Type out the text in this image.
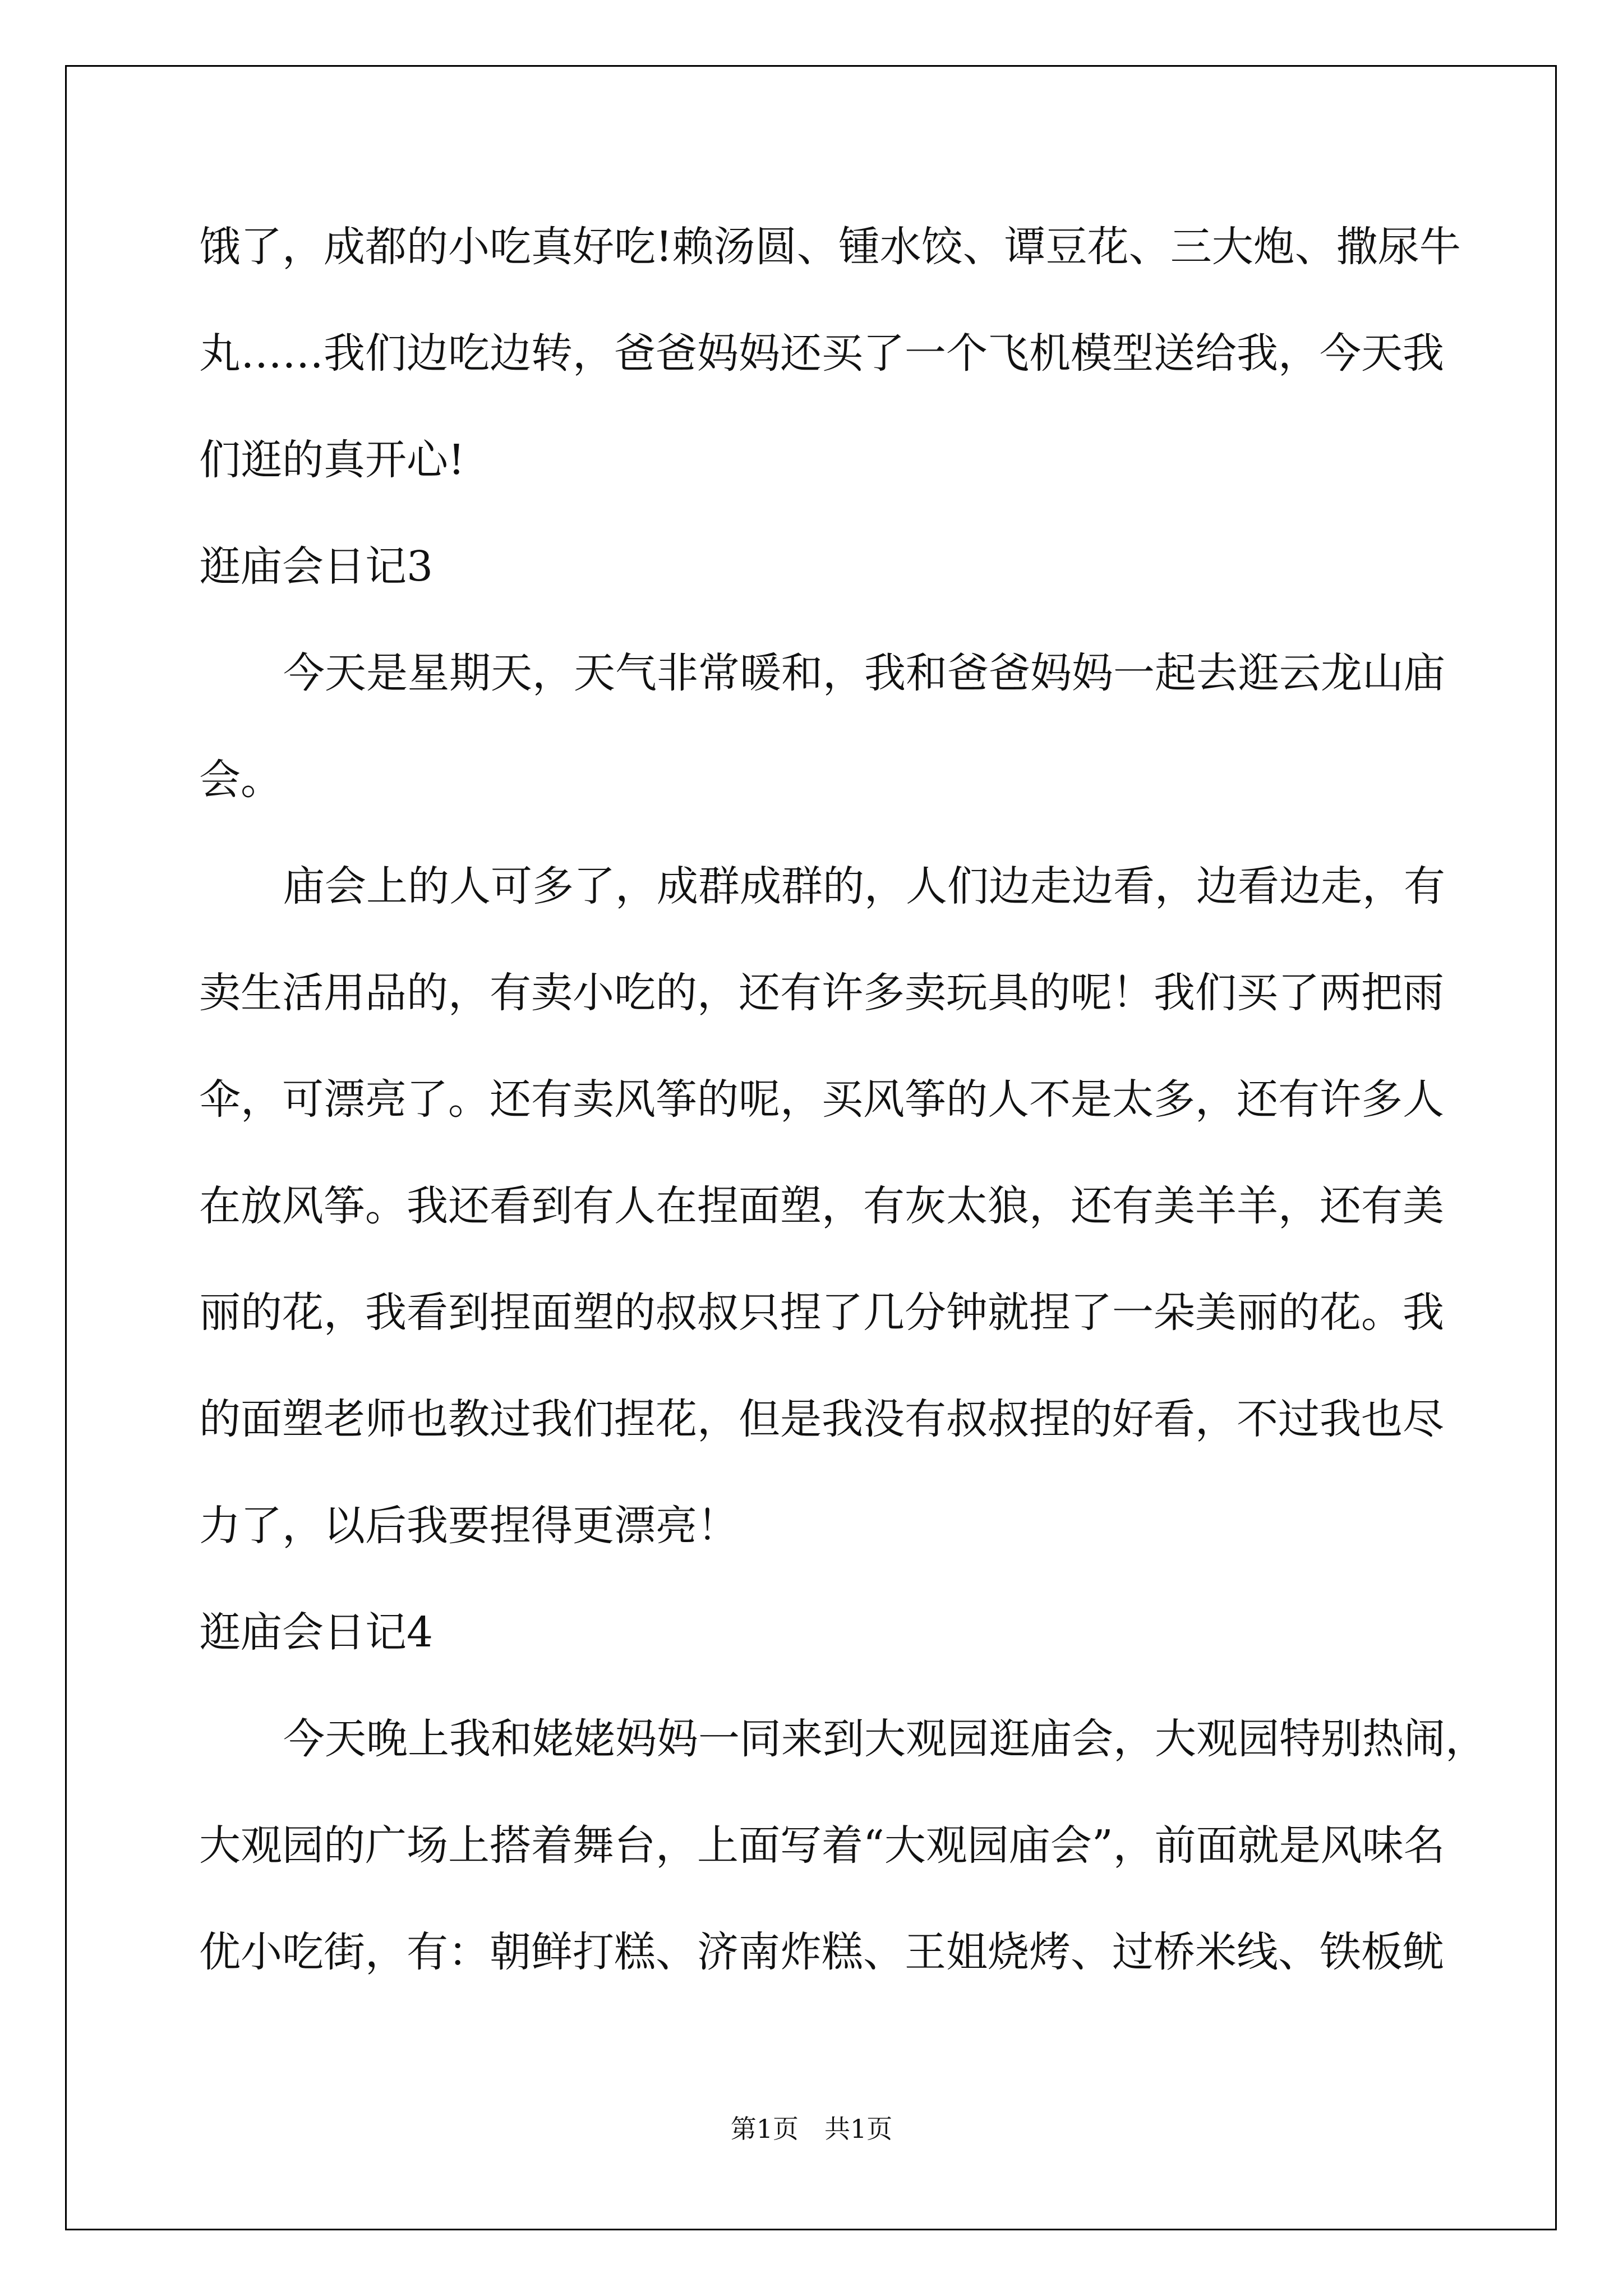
饿了，成都的小吃真好吃!赖汤圆、锺水饺、谭豆花、三大炮、撒尿牛
丸……我们边吃边转，爸爸妈妈还买了一个飞机模型送给我，今天我
们逛的真开心!
逛庙会日记3
今天是星期天，天气非常暖和，我和爸爸妈妈一起去逛云龙山庙
会。
庙会上的人可多了，成群成群的，人们边走边看，边看边走，有
卖生活用品的，有卖小吃的，还有许多卖玩具的呢！我们买了两把雨
伞，可漂亮了。还有卖风筝的呢，买风筝的人不是太多，还有许多人
在放风筝。我还看到有人在捏面塑，有灰太狼，还有美羊羊，还有美
丽的花，我看到捏面塑的叔叔只捏了几分钟就捏了一朵美丽的花。我
的面塑老师也教过我们捏花，但是我没有叔叔捏的好看，不过我也尽
力了，以后我要捏得更漂亮！
逛庙会日记4
今天晚上我和姥姥妈妈一同来到大观园逛庙会，大观园特别热闹，
大观园的广场上搭着舞台，上面写着“大观园庙会”，前面就是风味名
优小吃街，有：朝鲜打糕、济南炸糕、王姐烧烤、过桥米线、铁板鱿
第1页　共1页
